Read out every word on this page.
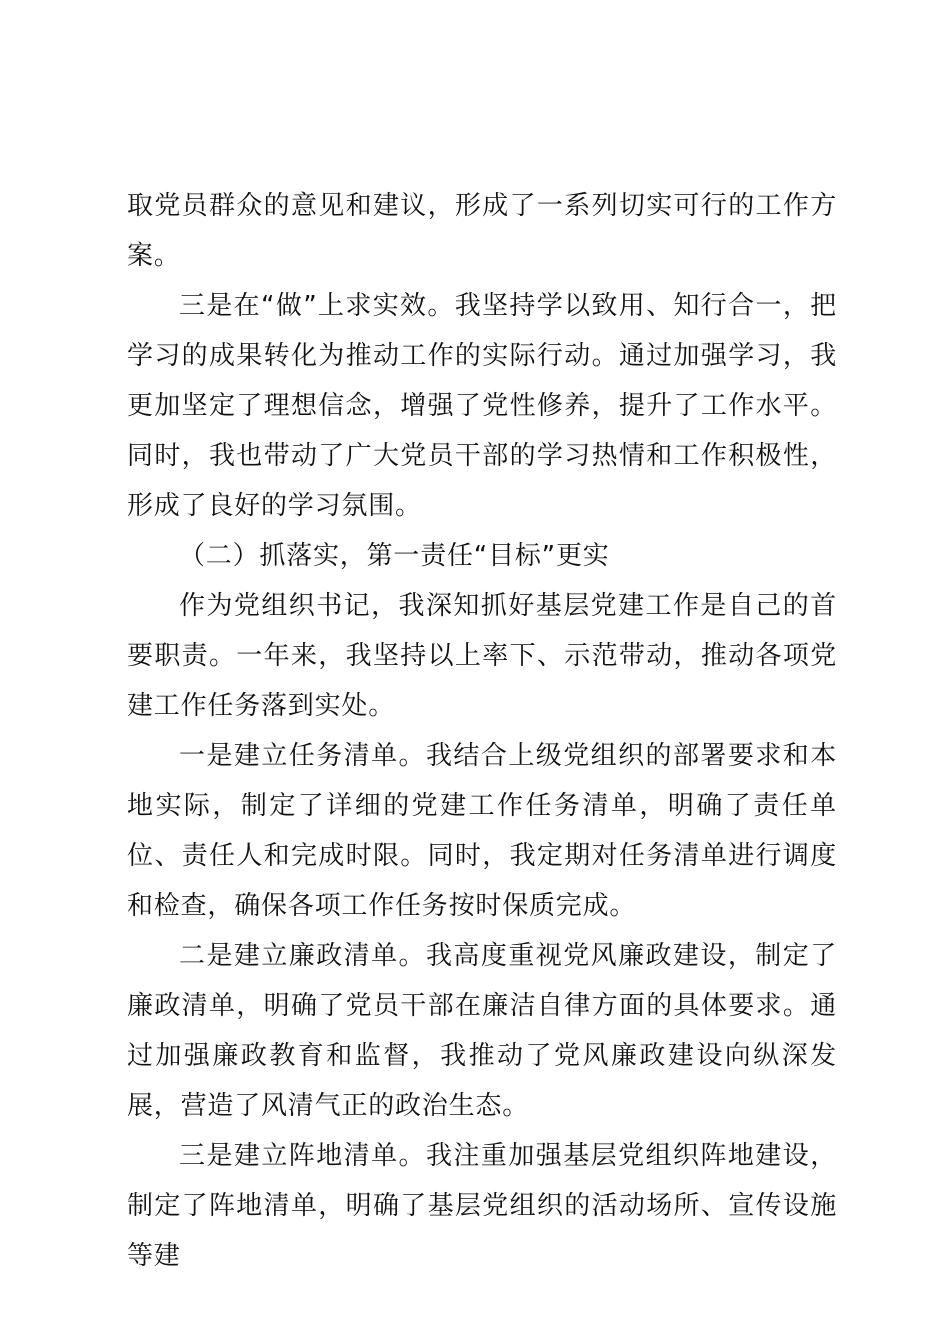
取党员群众的意见和建议，形成了一系列切实可行的工作方案。

三是在“做”上求实效。我坚持学以致用、知行合一，把学习的成果转化为推动工作的实际行动。通过加强学习，我更加坚定了理想信念，增强了党性修养，提升了工作水平。同时，我也带动了广大党员干部的学习热情和工作积极性，形成了良好的学习氛围。

（二）抓落实，第一责任“目标”更实

作为党组织书记，我深知抓好基层党建工作是自己的首要职责。一年来，我坚持以上率下、示范带动，推动各项党建工作任务落到实处。

一是建立任务清单。我结合上级党组织的部署要求和本地实际，制定了详细的党建工作任务清单，明确了责任单位、责任人和完成时限。同时，我定期对任务清单进行调度和检查，确保各项工作任务按时保质完成。

二是建立廉政清单。我高度重视党风廉政建设，制定了廉政清单，明确了党员干部在廉洁自律方面的具体要求。通过加强廉政教育和监督，我推动了党风廉政建设向纵深发展，营造了风清气正的政治生态。

三是建立阵地清单。我注重加强基层党组织阵地建设，制定了阵地清单，明确了基层党组织的活动场所、宣传设施等建
